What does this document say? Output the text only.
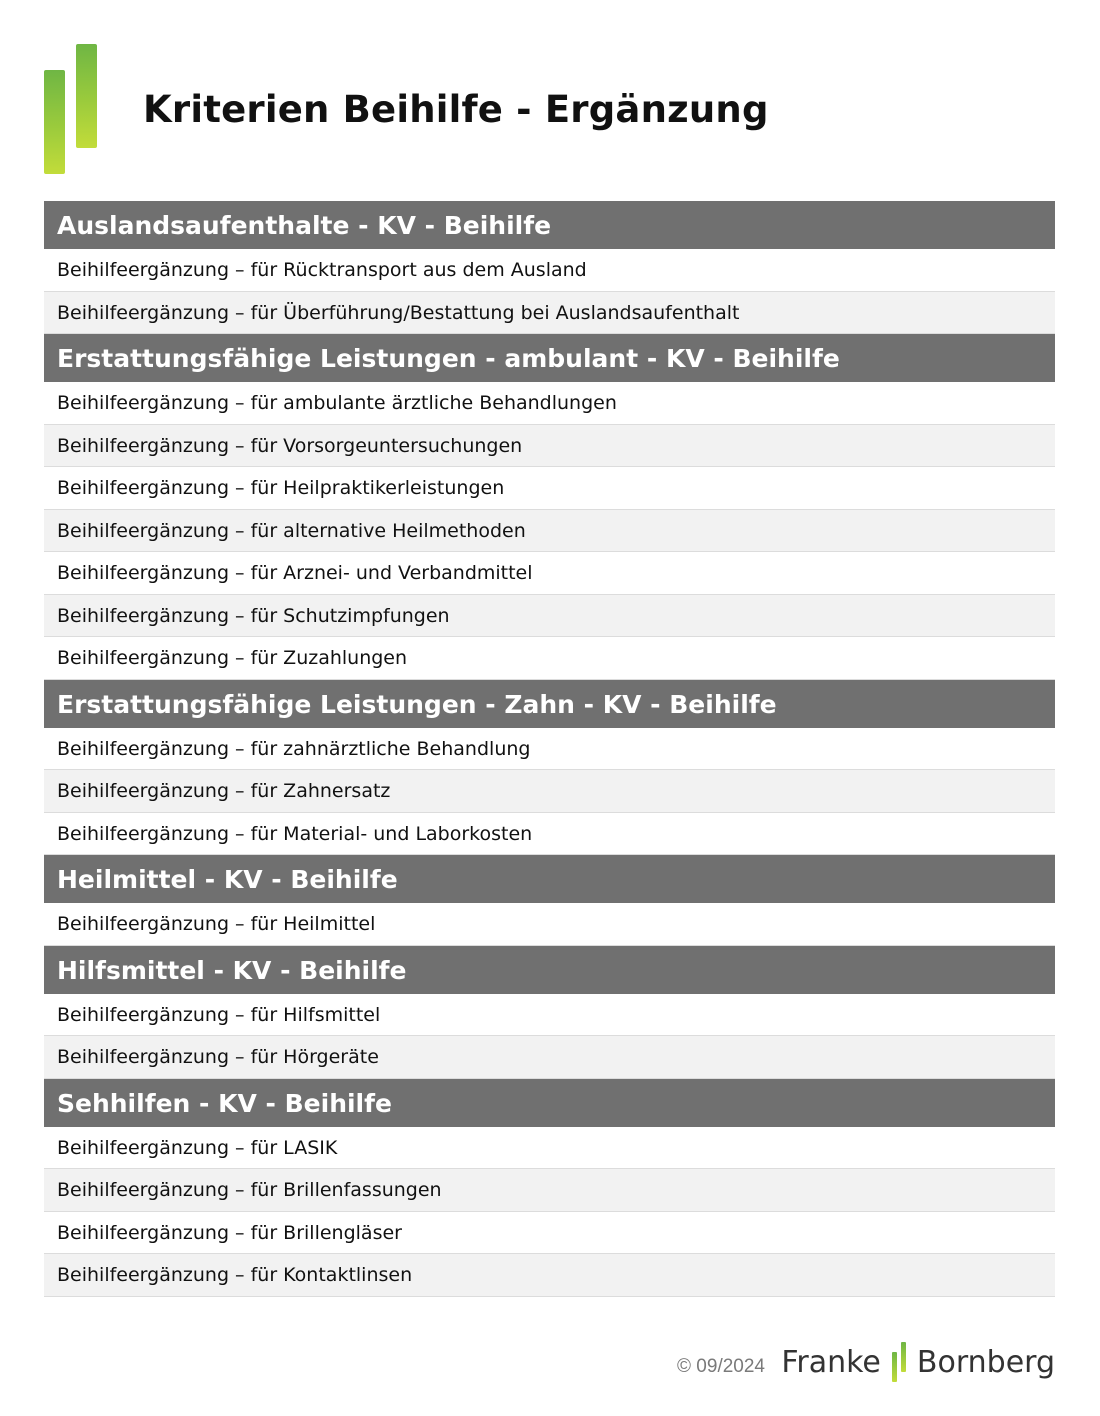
Kriterien Beihilfe - Ergänzung
Auslandsaufenthalte - KV - Beihilfe
Beihilfeergänzung – für Rücktransport aus dem Ausland
Beihilfeergänzung – für Überführung/Bestattung bei Auslandsaufenthalt
Erstattungsfähige Leistungen - ambulant - KV - Beihilfe
Beihilfeergänzung – für ambulante ärztliche Behandlungen
Beihilfeergänzung – für Vorsorgeuntersuchungen
Beihilfeergänzung – für Heilpraktikerleistungen
Beihilfeergänzung – für alternative Heilmethoden
Beihilfeergänzung – für Arznei- und Verbandmittel
Beihilfeergänzung – für Schutzimpfungen
Beihilfeergänzung – für Zuzahlungen
Erstattungsfähige Leistungen - Zahn - KV - Beihilfe
Beihilfeergänzung – für zahnärztliche Behandlung
Beihilfeergänzung – für Zahnersatz
Beihilfeergänzung – für Material- und Laborkosten
Heilmittel - KV - Beihilfe
Beihilfeergänzung – für Heilmittel
Hilfsmittel - KV - Beihilfe
Beihilfeergänzung – für Hilfsmittel
Beihilfeergänzung – für Hörgeräte
Sehhilfen - KV - Beihilfe
Beihilfeergänzung – für LASIK
Beihilfeergänzung – für Brillenfassungen
Beihilfeergänzung – für Brillengläser
Beihilfeergänzung – für Kontaktlinsen
© 09/2024 Franke Bornberg
